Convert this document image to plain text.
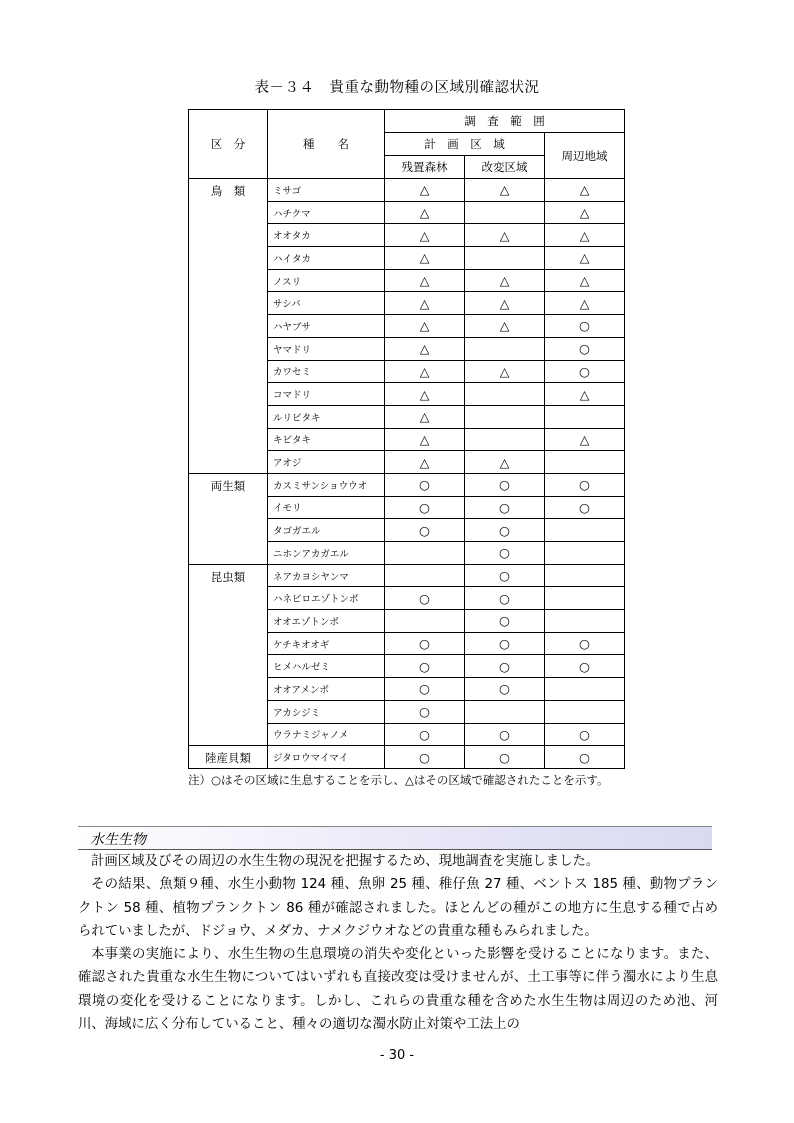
表－３４　貴重な動物種の区域別確認状況
区　分	種　　名	調　査　範　囲		
		計　画　区　域		周辺地域
		残置森林	改変区域	
鳥　類	ミサゴ	△	△	△
	ハチクマ	△		△
	オオタカ	△	△	△
	ハイタカ	△		△
	ノスリ	△	△	△
	サシバ	△	△	△
	ハヤブサ	△	△	○
	ヤマドリ	△		○
	カワセミ	△	△	○
	コマドリ	△		△
	ルリビタキ	△		
	キビタキ	△		△
	アオジ	△	△	
両生類	カスミサンショウウオ	○	○	○
	イモリ	○	○	○
	タゴガエル	○	○	
	ニホンアカガエル		○	
昆虫類	ネアカヨシヤンマ		○	
	ハネビロエゾトンボ	○	○	
	オオエゾトンボ		○	
	ケチキオオギ	○	○	○
	ヒメハルゼミ	○	○	○
	オオアメンボ	○	○	
	アカシジミ	○		
	ウラナミジャノメ	○	○	○
陸産貝類	ジタロウマイマイ	○	○	○
注）○はその区域に生息することを示し、△はその区域で確認されたことを示す。
水生生物

計画区域及びその周辺の水生生物の現況を把握するため、現地調査を実施しました。

その結果、魚類９種、水生小動物 124 種、魚卵 25 種、稚仔魚 27 種、ベントス 185 種、動物プランクトン 58 種、植物プランクトン 86 種が確認されました。ほとんどの種がこの地方に生息する種で占められていましたが、ドジョウ、メダカ、ナメクジウオなどの貴重な種もみられました。

本事業の実施により、水生生物の生息環境の消失や変化といった影響を受けることになります。また、確認された貴重な水生生物についてはいずれも直接改変は受けませんが、土工事等に伴う濁水により生息環境の変化を受けることになります。しかし、これらの貴重な種を含めた水生生物は周辺のため池、河川、海域に広く分布していること、種々の適切な濁水防止対策や工法上の

- 30 -
